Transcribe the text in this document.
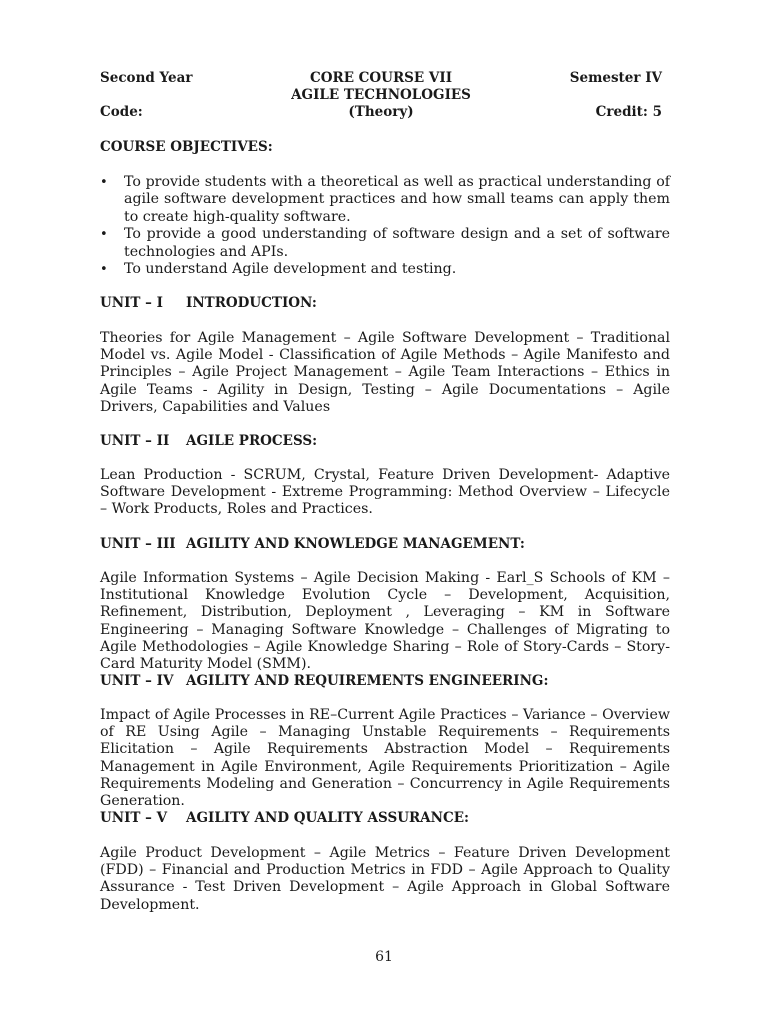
Second Year	CORE COURSE VII	Semester IV
AGILE TECHNOLOGIES
Code:	(Theory)	Credit: 5
COURSE OBJECTIVES:
• To provide students with a theoretical as well as practical understanding of agile software development practices and how small teams can apply them to create high-quality software.
• To provide a good understanding of software design and a set of software technologies and APIs.
• To understand Agile development and testing.
UNIT – I INTRODUCTION:

Theories for Agile Management – Agile Software Development – Traditional Model vs. Agile Model - Classification of Agile Methods – Agile Manifesto and Principles – Agile Project Management – Agile Team Interactions – Ethics in Agile Teams - Agility in Design, Testing – Agile Documentations – Agile Drivers, Capabilities and Values

UNIT – II AGILE PROCESS:

Lean Production - SCRUM, Crystal, Feature Driven Development- Adaptive Software Development - Extreme Programming: Method Overview – Lifecycle – Work Products, Roles and Practices.

UNIT – III AGILITY AND KNOWLEDGE MANAGEMENT:

Agile Information Systems – Agile Decision Making - Earl_S Schools of KM – Institutional Knowledge Evolution Cycle – Development, Acquisition, Refinement, Distribution, Deployment , Leveraging – KM in Software Engineering – Managing Software Knowledge – Challenges of Migrating to Agile Methodologies – Agile Knowledge Sharing – Role of Story-Cards – Story-Card Maturity Model (SMM).

UNIT – IV AGILITY AND REQUIREMENTS ENGINEERING:

Impact of Agile Processes in RE–Current Agile Practices – Variance – Overview of RE Using Agile – Managing Unstable Requirements – Requirements Elicitation – Agile Requirements Abstraction Model – Requirements Management in Agile Environment, Agile Requirements Prioritization – Agile Requirements Modeling and Generation – Concurrency in Agile Requirements Generation.

UNIT – V AGILITY AND QUALITY ASSURANCE:

Agile Product Development – Agile Metrics – Feature Driven Development (FDD) – Financial and Production Metrics in FDD – Agile Approach to Quality Assurance - Test Driven Development – Agile Approach in Global Software Development.

61
